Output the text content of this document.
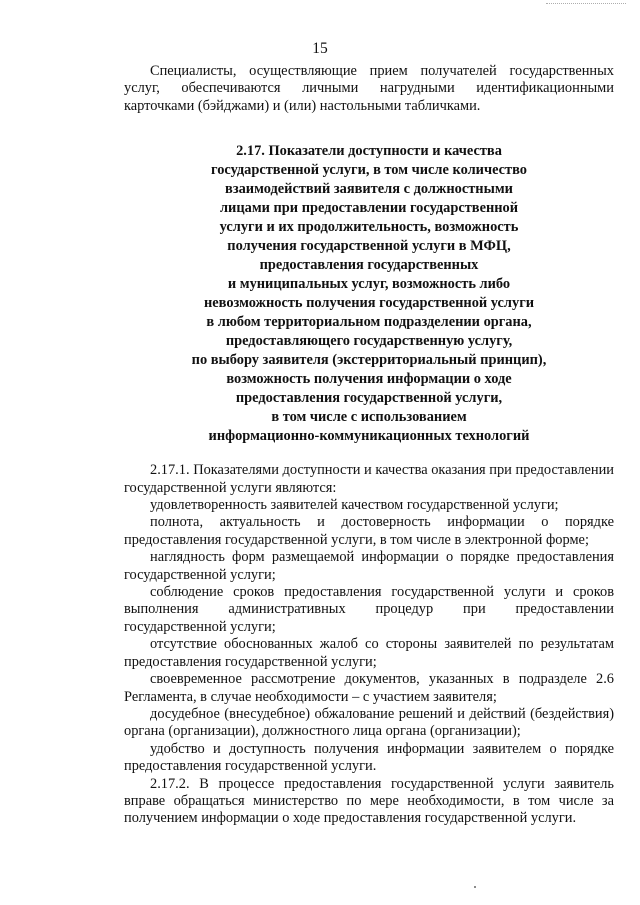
15

Специалисты, осуществляющие прием получателей государственных услуг, обеспечиваются личными нагрудными идентификационными карточками (бэйджами) и (или) настольными табличками.

2.17. Показатели доступности и качества
государственной услуги, в том числе количество
взаимодействий заявителя с должностными
лицами при предоставлении государственной
услуги и их продолжительность, возможность
получения государственной услуги в МФЦ,
предоставления государственных
и муниципальных услуг, возможность либо
невозможность получения государственной услуги
в любом территориальном подразделении органа,
предоставляющего государственную услугу,
по выбору заявителя (экстерриториальный принцип),
возможность получения информации о ходе
предоставления государственной услуги,
в том числе с использованием
информационно-коммуникационных технологий

2.17.1. Показателями доступности и качества оказания при предоставлении государственной услуги являются:

удовлетворенность заявителей качеством государственной услуги;

полнота, актуальность и достоверность информации о порядке предоставления государственной услуги, в том числе в электронной форме;

наглядность форм размещаемой информации о порядке предоставления государственной услуги;

соблюдение сроков предоставления государственной услуги и сроков выполнения административных процедур при предоставлении государственной услуги;

отсутствие обоснованных жалоб со стороны заявителей по результатам предоставления государственной услуги;

своевременное рассмотрение документов, указанных в подразделе 2.6 Регламента, в случае необходимости – с участием заявителя;

досудебное (внесудебное) обжалование решений и действий (бездействия) органа (организации), должностного лица органа (организации);

удобство и доступность получения информации заявителем о порядке предоставления государственной услуги.

2.17.2. В процессе предоставления государственной услуги заявитель вправе обращаться министерство по мере необходимости, в том числе за получением информации о ходе предоставления государственной услуги.
